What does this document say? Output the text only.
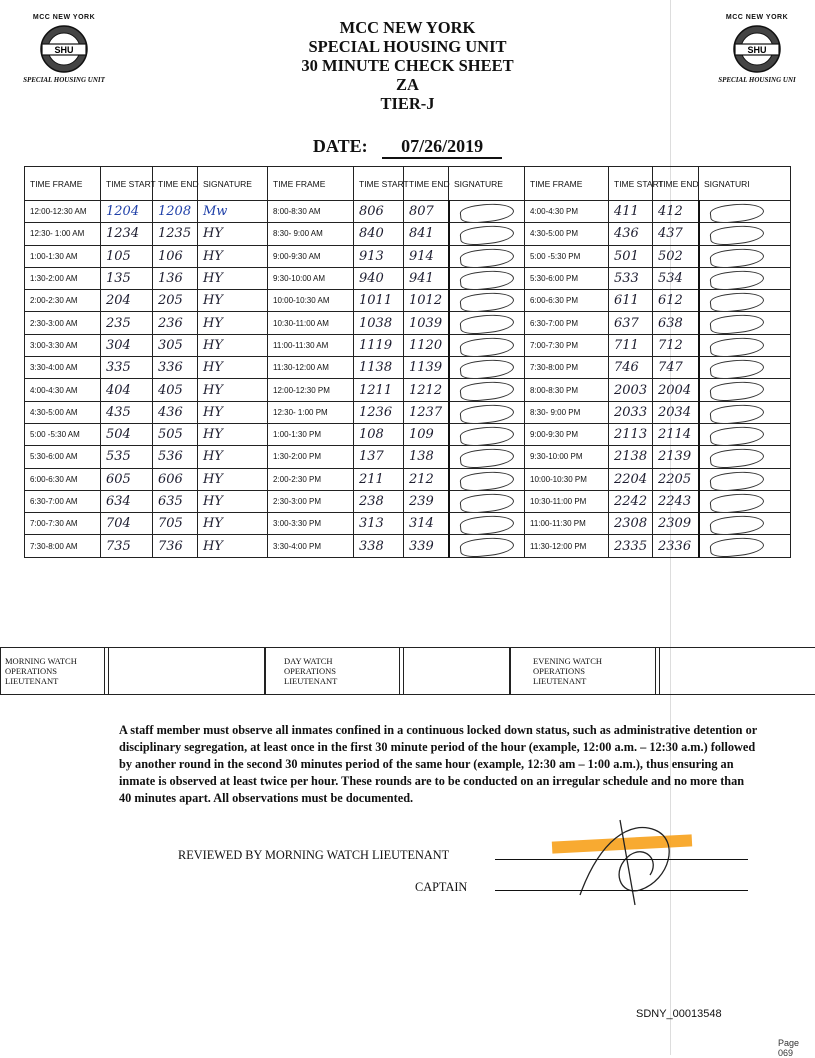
MCC NEW YORK
SHU
SPECIAL HOUSING UNIT
MCC NEW YORK
SHU
SPECIAL HOUSING UNI
MCC NEW YORK
SPECIAL HOUSING UNIT
30 MINUTE CHECK SHEET
ZA
TIER-J
DATE: 07/26/2019
TIME FRAME	TIME START	TIME END	SIGNATURE	TIME FRAME	TIME START	TIME END	SIGNATURE	TIME FRAME	TIME START	TIME END	SIGNATURI
12:00-12:30 AM	1204	1208	Mw	8:00-8:30 AM	806	807		4:00-4:30 PM	411	412	
12:30- 1:00 AM	1234	1235	HY	8:30- 9:00 AM	840	841		4:30-5:00 PM	436	437	
1:00-1:30 AM	105	106	HY	9:00-9:30 AM	913	914		5:00 -5:30 PM	501	502	
1:30-2:00 AM	135	136	HY	9:30-10:00 AM	940	941		5:30-6:00 PM	533	534	
2:00-2:30 AM	204	205	HY	10:00-10:30 AM	1011	1012		6:00-6:30 PM	611	612	
2:30-3:00 AM	235	236	HY	10:30-11:00 AM	1038	1039		6:30-7:00 PM	637	638	
3:00-3:30 AM	304	305	HY	11:00-11:30 AM	1119	1120		7:00-7:30 PM	711	712	
3:30-4:00 AM	335	336	HY	11:30-12:00 AM	1138	1139		7:30-8:00 PM	746	747	
4:00-4:30 AM	404	405	HY	12:00-12:30 PM	1211	1212		8:00-8:30 PM	2003	2004	
4:30-5:00 AM	435	436	HY	12:30- 1:00 PM	1236	1237		8:30- 9:00 PM	2033	2034	
5:00 -5:30 AM	504	505	HY	1:00-1:30 PM	108	109		9:00-9:30 PM	2113	2114	
5:30-6:00 AM	535	536	HY	1:30-2:00 PM	137	138		9:30-10:00 PM	2138	2139	
6:00-6:30 AM	605	606	HY	2:00-2:30 PM	211	212		10:00-10:30 PM	2204	2205	
6:30-7:00 AM	634	635	HY	2:30-3:00 PM	238	239		10:30-11:00 PM	2242	2243	
7:00-7:30 AM	704	705	HY	3:00-3:30 PM	313	314		11:00-11:30 PM	2308	2309	
7:30-8:00 AM	735	736	HY	3:30-4:00 PM	338	339		11:30-12:00 PM	2335	2336	
MORNING WATCH
OPERATIONS
LIEUTENANT
DAY WATCH
OPERATIONS
LIEUTENANT
EVENING WATCH
OPERATIONS
LIEUTENANT
A staff member must observe all inmates confined in a continuous locked down status, such as administrative detention or disciplinary segregation, at least once in the first 30 minute period of the hour (example, 12:00 a.m. – 12:30 a.m.) followed by another round in the second 30 minutes period of the same hour (example, 12:30 am – 1:00 a.m.), thus ensuring an inmate is observed at least twice per hour. These rounds are to be conducted on an irregular schedule and no more than 40 minutes apart. All observations must be documented.
REVIEWED BY MORNING WATCH LIEUTENANT
CAPTAIN
SDNY_00013548
Page 069
